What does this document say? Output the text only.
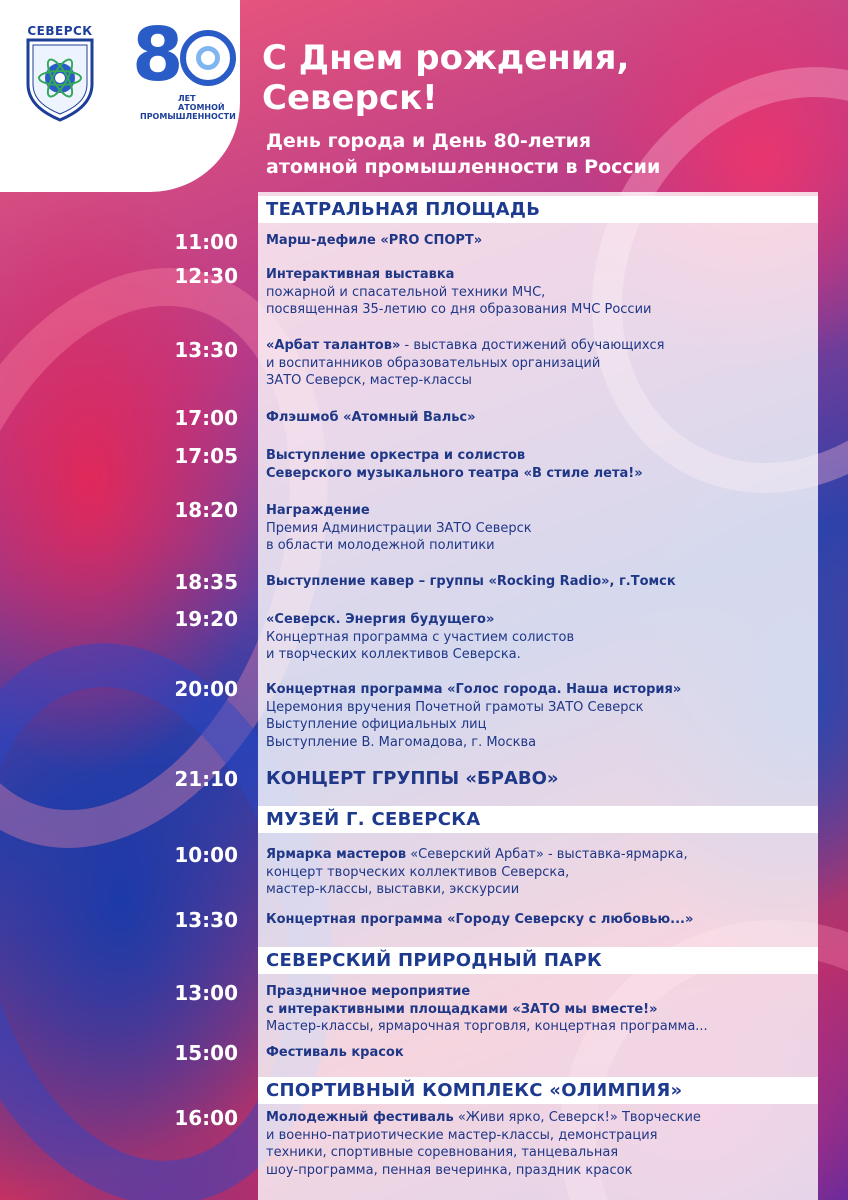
СЕВЕРСК 8
ЛЕТ
АТОМНОЙ
ПРОМЫШЛЕННОСТИ
С Днем рождения,
Северск!
День города и День 80-летия
атомной промышленности в России
ТЕАТРАЛЬНАЯ ПЛОЩАДЬ
11:00 Марш-дефиле «PRO СПОРТ»
12:30 Интерактивная выставка
пожарной и спасательной техники МЧС,
посвященная 35-летию со дня образования МЧС России
13:30 «Арбат талантов» - выставка достижений обучающихся
и воспитанников образовательных организаций
ЗАТО Северск, мастер-классы
17:00 Флэшмоб «Атомный Вальс»
17:05 Выступление оркестра и солистов
Северского музыкального театра «В стиле лета!»
18:20 Награждение
Премия Администрации ЗАТО Северск
в области молодежной политики
18:35 Выступление кавер – группы «Rocking Radio», г.Томск
19:20 «Северск. Энергия будущего»
Концертная программа с участием солистов
и творческих коллективов Северска.
20:00 Концертная программа «Голос города. Наша история»
Церемония вручения Почетной грамоты ЗАТО Северск
Выступление официальных лиц
Выступление В. Магомадова, г. Москва
21:10 КОНЦЕРТ ГРУППЫ «БРАВО»
МУЗЕЙ Г. СЕВЕРСКА
10:00 Ярмарка мастеров «Северский Арбат» - выставка-ярмарка,
концерт творческих коллективов Северска,
мастер-классы, выставки, экскурсии
13:30 Концертная программа «Городу Северску с любовью...»
СЕВЕРСКИЙ ПРИРОДНЫЙ ПАРК
13:00 Праздничное мероприятие
с интерактивными площадками «ЗАТО мы вместе!»
Мастер-классы, ярмарочная торговля, концертная программа...
15:00 Фестиваль красок
СПОРТИВНЫЙ КОМПЛЕКС «ОЛИМПИЯ»
16:00 Молодежный фестиваль «Живи ярко, Северск!» Творческие
и военно-патриотические мастер-классы, демонстрация
техники, спортивные соревнования, танцевальная
шоу-программа, пенная вечеринка, праздник красок
